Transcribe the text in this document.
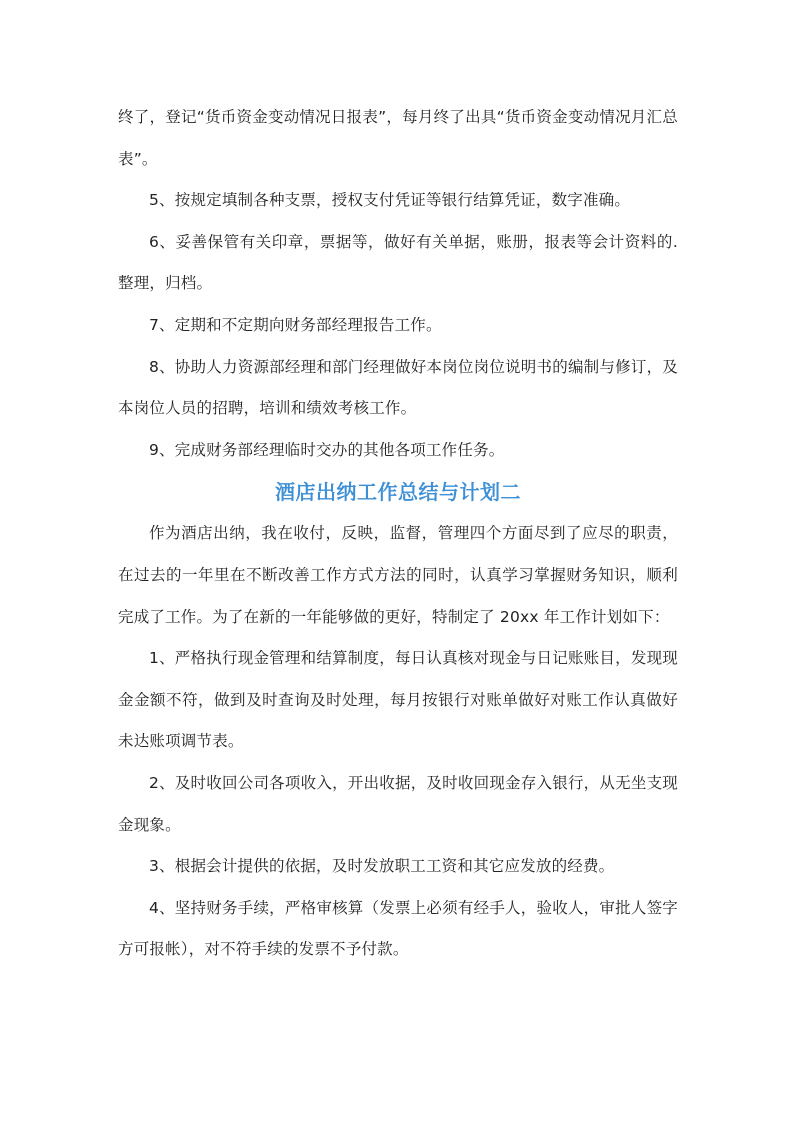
终了，登记“货币资金变动情况日报表”，每月终了出具“货币资金变动情况月汇总表”。

5、按规定填制各种支票，授权支付凭证等银行结算凭证，数字准确。

6、妥善保管有关印章，票据等，做好有关单据，账册，报表等会计资料的.整理，归档。

7、定期和不定期向财务部经理报告工作。

8、协助人力资源部经理和部门经理做好本岗位岗位说明书的编制与修订，及本岗位人员的招聘，培训和绩效考核工作。

9、完成财务部经理临时交办的其他各项工作任务。

酒店出纳工作总结与计划二

作为酒店出纳，我在收付，反映，监督，管理四个方面尽到了应尽的职责，在过去的一年里在不断改善工作方式方法的同时，认真学习掌握财务知识，顺利完成了工作。为了在新的一年能够做的更好，特制定了 20xx 年工作计划如下：

1、严格执行现金管理和结算制度，每日认真核对现金与日记账账目，发现现金金额不符，做到及时查询及时处理，每月按银行对账单做好对账工作认真做好未达账项调节表。

2、及时收回公司各项收入，开出收据，及时收回现金存入银行，从无坐支现金现象。

3、根据会计提供的依据，及时发放职工工资和其它应发放的经费。

4、坚持财务手续，严格审核算（发票上必须有经手人，验收人，审批人签字方可报帐），对不符手续的发票不予付款。
